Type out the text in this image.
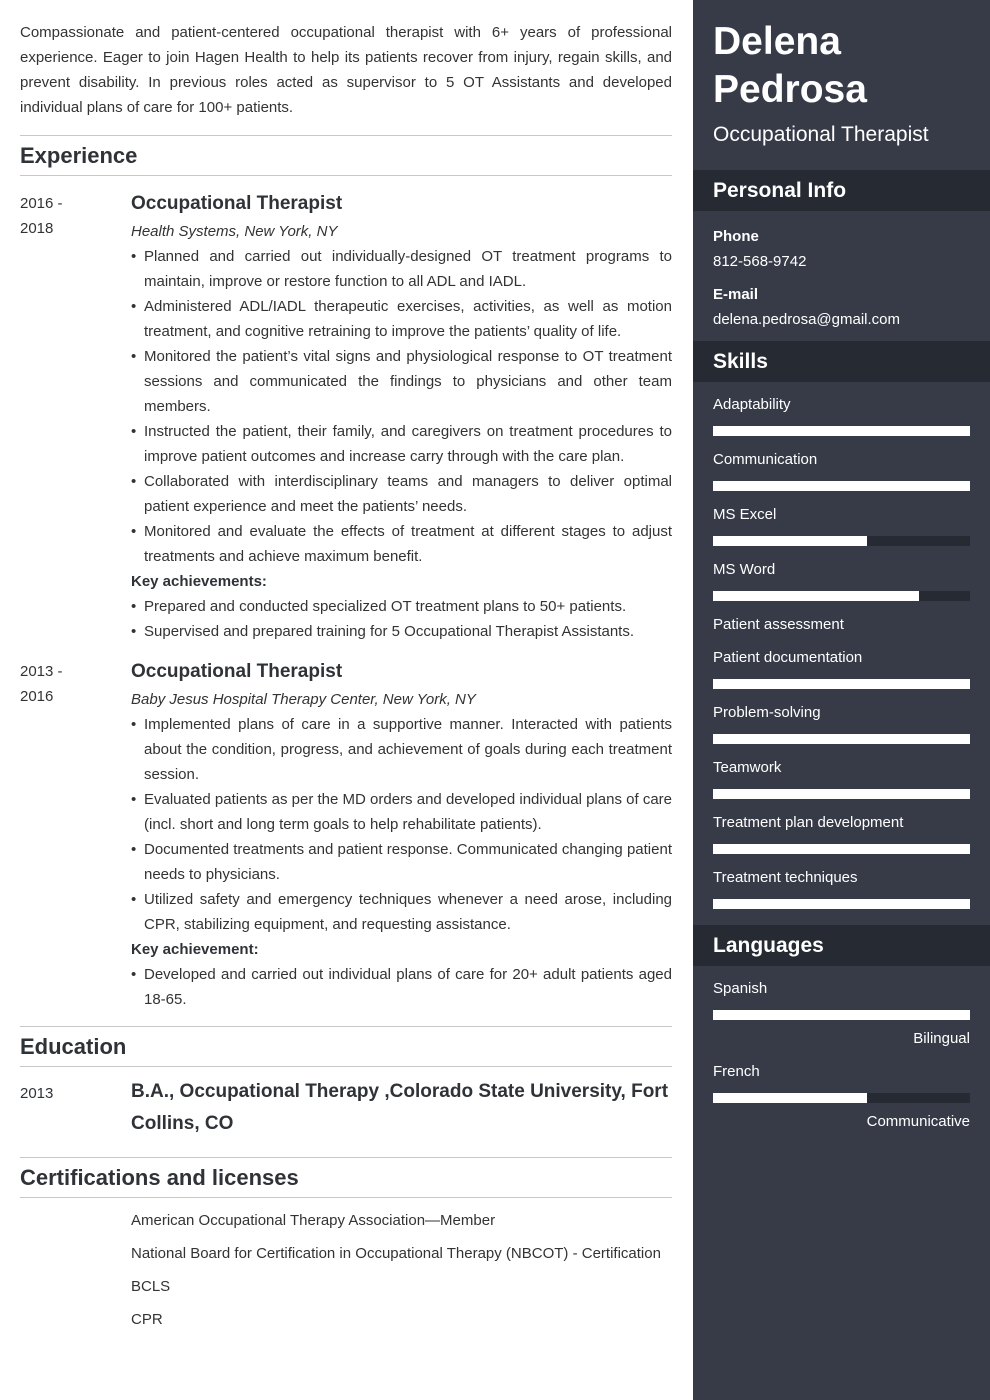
Compassionate and patient-centered occupational therapist with 6+ years of professional experience. Eager to join Hagen Health to help its patients recover from injury, regain skills, and prevent disability. In previous roles acted as supervisor to 5 OT Assistants and developed individual plans of care for 100+ patients.

Experience
2016 -
2018
Occupational Therapist
Health Systems, New York, NY
• Planned and carried out individually-designed OT treatment programs to maintain, improve or restore function to all ADL and IADL.
• Administered ADL/IADL therapeutic exercises, activities, as well as motion treatment, and cognitive retraining to improve the patients’ quality of life.
• Monitored the patient’s vital signs and physiological response to OT treatment sessions and communicated the findings to physicians and other team members.
• Instructed the patient, their family, and caregivers on treatment procedures to improve patient outcomes and increase carry through with the care plan.
• Collaborated with interdisciplinary teams and managers to deliver optimal patient experience and meet the patients’ needs.
• Monitored and evaluate the effects of treatment at different stages to adjust treatments and achieve maximum benefit.
Key achievements:
• Prepared and conducted specialized OT treatment plans to 50+ patients.
• Supervised and prepared training for 5 Occupational Therapist Assistants.
2013 -
2016
Occupational Therapist
Baby Jesus Hospital Therapy Center, New York, NY
• Implemented plans of care in a supportive manner. Interacted with patients about the condition, progress, and achievement of goals during each treatment session.
• Evaluated patients as per the MD orders and developed individual plans of care (incl. short and long term goals to help rehabilitate patients).
• Documented treatments and patient response. Communicated changing patient needs to physicians.
• Utilized safety and emergency techniques whenever a need arose, including CPR, stabilizing equipment, and requesting assistance.
Key achievement:
• Developed and carried out individual plans of care for 20+ adult patients aged 18-65.
Education
2013	B.A., Occupational Therapy ,Colorado State University, Fort Collins, CO
Certifications and licenses
American Occupational Therapy Association—Member
National Board for Certification in Occupational Therapy (NBCOT) - Certification
BCLS
CPR
Delena
Pedrosa
Occupational Therapist
Personal Info
Phone
812-568-9742
E-mail
delena.pedrosa@gmail.com
Skills
Adaptability
Communication
MS Excel
MS Word
Patient assessment
Patient documentation
Problem-solving
Teamwork
Treatment plan development
Treatment techniques
Languages
Spanish
Bilingual
French
Communicative
